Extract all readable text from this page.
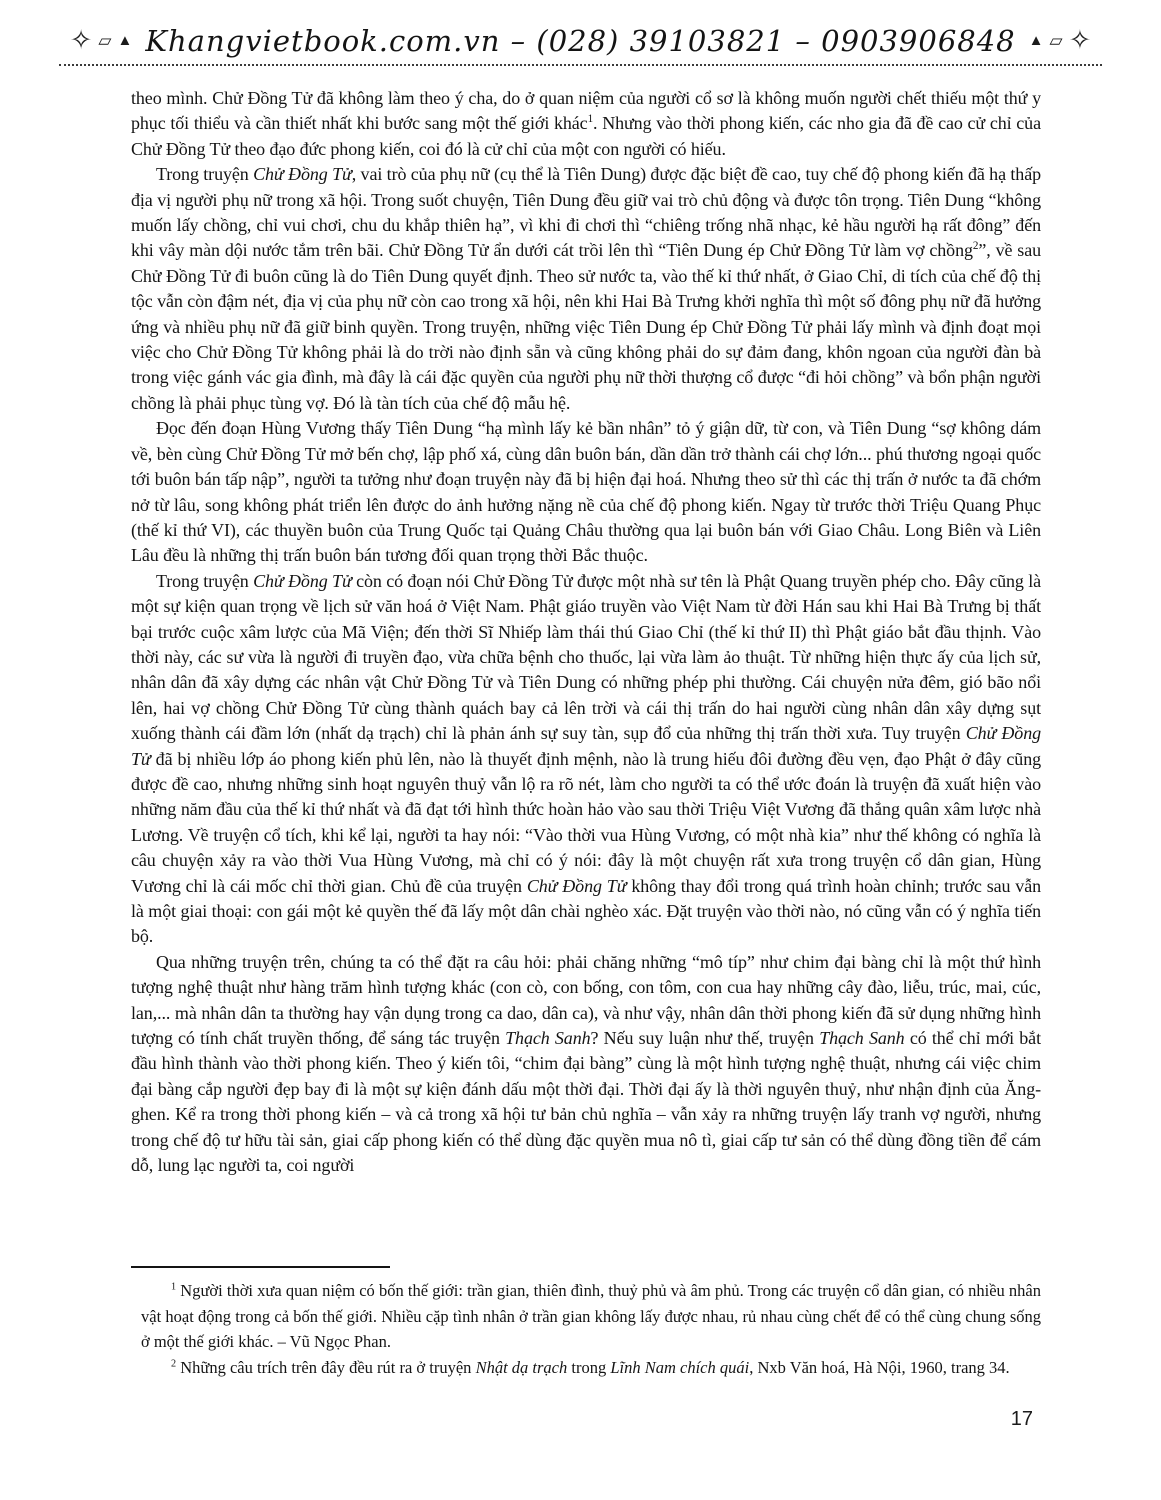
✧ ▱ ▲ Khangvietbook.com.vn – (028) 39103821 – 0903906848 ▲ ▱ ✧

theo mình. Chử Đồng Tử đã không làm theo ý cha, do ở quan niệm của người cổ sơ là không muốn người chết thiếu một thứ y phục tối thiểu và cần thiết nhất khi bước sang một thế giới khác$^1$. Nhưng vào thời phong kiến, các nho gia đã đề cao cử chỉ của Chử Đồng Tử theo đạo đức phong kiến, coi đó là cử chỉ của một con người có hiếu.

Trong truyện Chử Đồng Tử, vai trò của phụ nữ (cụ thể là Tiên Dung) được đặc biệt đề cao, tuy chế độ phong kiến đã hạ thấp địa vị người phụ nữ trong xã hội. Trong suốt chuyện, Tiên Dung đều giữ vai trò chủ động và được tôn trọng. Tiên Dung “không muốn lấy chồng, chỉ vui chơi, chu du khắp thiên hạ”, vì khi đi chơi thì “chiêng trống nhã nhạc, kẻ hầu người hạ rất đông” đến khi vây màn dội nước tắm trên bãi. Chử Đồng Tử ẩn dưới cát trồi lên thì “Tiên Dung ép Chử Đồng Tử làm vợ chồng$^2$”, về sau Chử Đồng Tử đi buôn cũng là do Tiên Dung quyết định. Theo sử nước ta, vào thế kỉ thứ nhất, ở Giao Chỉ, di tích của chế độ thị tộc vẫn còn đậm nét, địa vị của phụ nữ còn cao trong xã hội, nên khi Hai Bà Trưng khởi nghĩa thì một số đông phụ nữ đã hưởng ứng và nhiều phụ nữ đã giữ binh quyền. Trong truyện, những việc Tiên Dung ép Chử Đồng Tử phải lấy mình và định đoạt mọi việc cho Chử Đồng Tử không phải là do trời nào định sẵn và cũng không phải do sự đảm đang, khôn ngoan của người đàn bà trong việc gánh vác gia đình, mà đây là cái đặc quyền của người phụ nữ thời thượng cổ được “đi hỏi chồng” và bổn phận người chồng là phải phục tùng vợ. Đó là tàn tích của chế độ mẫu hệ.

Đọc đến đoạn Hùng Vương thấy Tiên Dung “hạ mình lấy kẻ bần nhân” tỏ ý giận dữ, từ con, và Tiên Dung “sợ không dám về, bèn cùng Chử Đồng Tử mở bến chợ, lập phố xá, cùng dân buôn bán, dần dần trở thành cái chợ lớn... phú thương ngoại quốc tới buôn bán tấp nập”, người ta tưởng như đoạn truyện này đã bị hiện đại hoá. Nhưng theo sử thì các thị trấn ở nước ta đã chớm nở từ lâu, song không phát triển lên được do ảnh hưởng nặng nề của chế độ phong kiến. Ngay từ trước thời Triệu Quang Phục (thế kỉ thứ VI), các thuyền buôn của Trung Quốc tại Quảng Châu thường qua lại buôn bán với Giao Châu. Long Biên và Liên Lâu đều là những thị trấn buôn bán tương đối quan trọng thời Bắc thuộc.

Trong truyện Chử Đồng Tử còn có đoạn nói Chử Đồng Tử được một nhà sư tên là Phật Quang truyền phép cho. Đây cũng là một sự kiện quan trọng về lịch sử văn hoá ở Việt Nam. Phật giáo truyền vào Việt Nam từ đời Hán sau khi Hai Bà Trưng bị thất bại trước cuộc xâm lược của Mã Viện; đến thời Sĩ Nhiếp làm thái thú Giao Chỉ (thế kỉ thứ II) thì Phật giáo bắt đầu thịnh. Vào thời này, các sư vừa là người đi truyền đạo, vừa chữa bệnh cho thuốc, lại vừa làm ảo thuật. Từ những hiện thực ấy của lịch sử, nhân dân đã xây dựng các nhân vật Chử Đồng Tử và Tiên Dung có những phép phi thường. Cái chuyện nửa đêm, gió bão nổi lên, hai vợ chồng Chử Đồng Tử cùng thành quách bay cả lên trời và cái thị trấn do hai người cùng nhân dân xây dựng sụt xuống thành cái đầm lớn (nhất dạ trạch) chỉ là phản ánh sự suy tàn, sụp đổ của những thị trấn thời xưa. Tuy truyện Chử Đồng Tử đã bị nhiều lớp áo phong kiến phủ lên, nào là thuyết định mệnh, nào là trung hiếu đôi đường đều vẹn, đạo Phật ở đây cũng được đề cao, nhưng những sinh hoạt nguyên thuỷ vẫn lộ ra rõ nét, làm cho người ta có thể ước đoán là truyện đã xuất hiện vào những năm đầu của thế kỉ thứ nhất và đã đạt tới hình thức hoàn hảo vào sau thời Triệu Việt Vương đã thắng quân xâm lược nhà Lương. Về truyện cổ tích, khi kể lại, người ta hay nói: “Vào thời vua Hùng Vương, có một nhà kia” như thế không có nghĩa là câu chuyện xảy ra vào thời Vua Hùng Vương, mà chỉ có ý nói: đây là một chuyện rất xưa trong truyện cổ dân gian, Hùng Vương chỉ là cái mốc chỉ thời gian. Chủ đề của truyện Chử Đồng Tử không thay đổi trong quá trình hoàn chỉnh; trước sau vẫn là một giai thoại: con gái một kẻ quyền thế đã lấy một dân chài nghèo xác. Đặt truyện vào thời nào, nó cũng vẫn có ý nghĩa tiến bộ.

Qua những truyện trên, chúng ta có thể đặt ra câu hỏi: phải chăng những “mô típ” như chim đại bàng chỉ là một thứ hình tượng nghệ thuật như hàng trăm hình tượng khác (con cò, con bống, con tôm, con cua hay những cây đào, liễu, trúc, mai, cúc, lan,... mà nhân dân ta thường hay vận dụng trong ca dao, dân ca), và như vậy, nhân dân thời phong kiến đã sử dụng những hình tượng có tính chất truyền thống, để sáng tác truyện Thạch Sanh? Nếu suy luận như thế, truyện Thạch Sanh có thể chỉ mới bắt đầu hình thành vào thời phong kiến. Theo ý kiến tôi, “chim đại bàng” cùng là một hình tượng nghệ thuật, nhưng cái việc chim đại bàng cắp người đẹp bay đi là một sự kiện đánh dấu một thời đại. Thời đại ấy là thời nguyên thuỷ, như nhận định của Ăng-ghen. Kể ra trong thời phong kiến – và cả trong xã hội tư bản chủ nghĩa – vẫn xảy ra những truyện lấy tranh vợ người, nhưng trong chế độ tư hữu tài sản, giai cấp phong kiến có thể dùng đặc quyền mua nô tì, giai cấp tư sản có thể dùng đồng tiền để cám dỗ, lung lạc người ta, coi người

$^1$ Người thời xưa quan niệm có bốn thế giới: trần gian, thiên đình, thuỷ phủ và âm phủ. Trong các truyện cổ dân gian, có nhiều nhân vật hoạt động trong cả bốn thế giới. Nhiều cặp tình nhân ở trần gian không lấy được nhau, rủ nhau cùng chết để có thể cùng chung sống ở một thế giới khác. – Vũ Ngọc Phan.

$^2$ Những câu trích trên đây đều rút ra ở truyện Nhật dạ trạch trong Lĩnh Nam chích quái, Nxb Văn hoá, Hà Nội, 1960, trang 34.

17
